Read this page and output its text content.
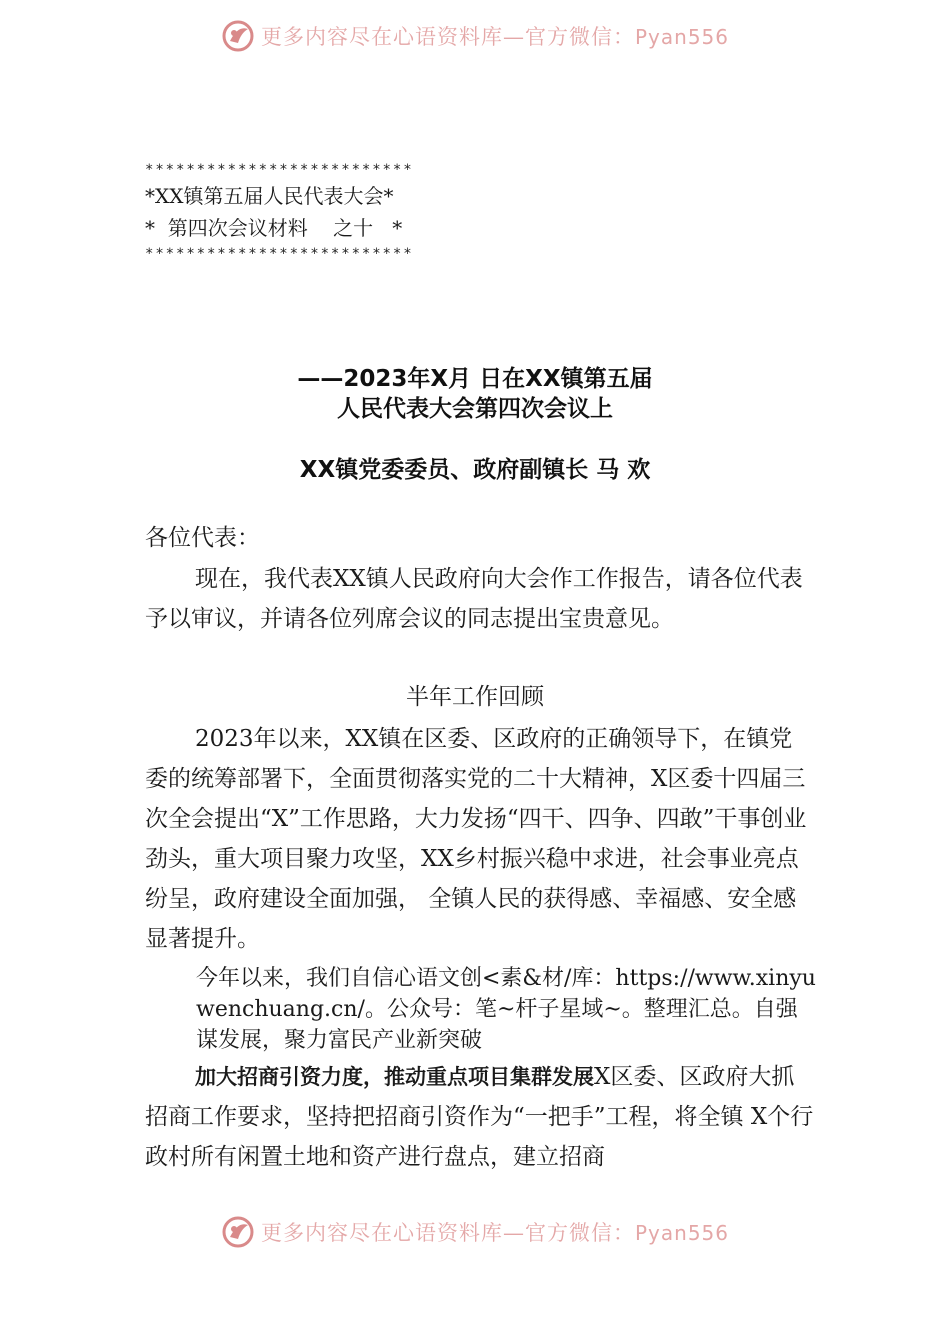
更多内容尽在心语资料库—官方微信：Pyan556
**************************
*XX镇第五届人民代表大会*
*  第四次会议材料    之十   *
**************************
——2023年X月 日在XX镇第五届
人民代表大会第四次会议上
XX镇党委委员、政府副镇长 马 欢
各位代表：
现在，我代表XX镇人民政府向大会作工作报告，请各位代表予以审议，并请各位列席会议的同志提出宝贵意见。
半年工作回顾
2023年以来，XX镇在区委、区政府的正确领导下，在镇党委的统筹部署下，全面贯彻落实党的二十大精神，X区委十四届三次全会提出“X”工作思路，大力发扬“四干、四争、四敢”干事创业劲头，重大项目聚力攻坚，XX乡村振兴稳中求进，社会事业亮点纷呈，政府建设全面加强， 全镇人民的获得感、幸福感、安全感显著提升。
今年以来，我们自信心语文创<素&材/库：https://www.xinyuwenchuang.cn/。公众号：笔~杆子星域~。整理汇总。自强谋发展，聚力富民产业新突破
加大招商引资力度，推动重点项目集群发展X区委、区政府大抓招商工作要求，坚持把招商引资作为“一把手”工程，将全镇 X个行政村所有闲置土地和资产进行盘点，建立招商
更多内容尽在心语资料库—官方微信：Pyan556
